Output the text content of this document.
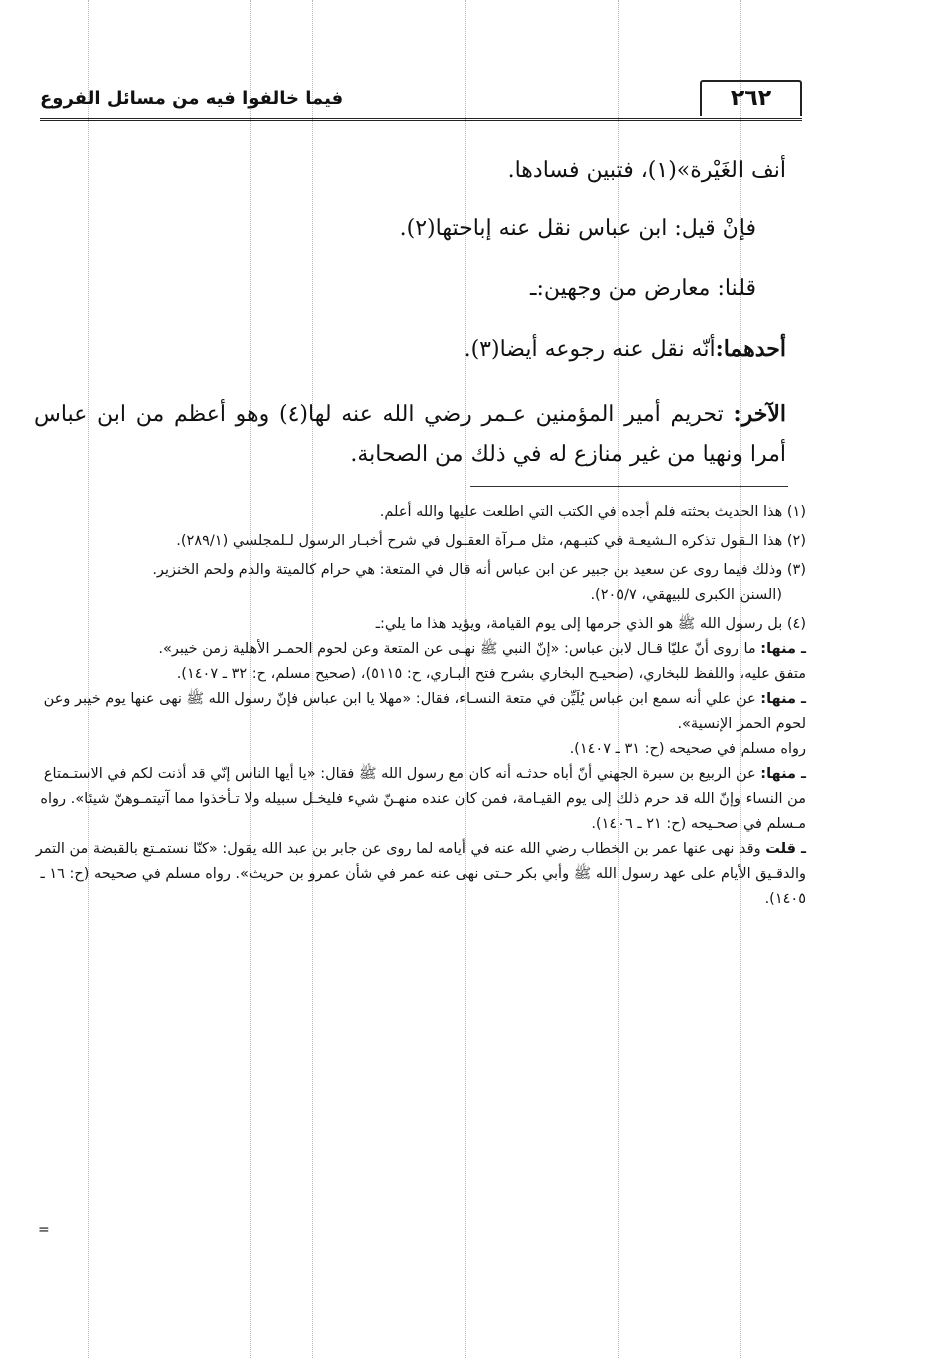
٢٦٢
فيما خالفوا فيه من مسائل الفروع

أنف الغَيْرة»(١)، فتبين فسادها.

فإنْ قيل: ابن عباس نقل عنه إباحتها(٢).

قلنا: معارض من وجهين:ـ

أحدهما:أنّه نقل عنه رجوعه أيضا(٣).

الآخر: تحريم أمير المؤمنين عـمر رضي الله عنه لها(٤) وهو أعظم من ابن عباس أمرا ونهيا من غير منازع له في ذلك من الصحابة.

(١) هذا الحديث بحثته فلم أجده في الكتب التي اطلعت عليها والله أعلم.
(٢) هذا الـقول تذكره الـشيعـة في كتبـهم، مثل مـرآة العقـول في شرح أخبـار الرسول لـلمجلسي (٢٨٩/١).
(٣) وذلك فيما روى عن سعيد بن جبير عن ابن عباس أنه قال في المتعة: هي حرام كالميتة والدم ولحم الخنزير.
(السنن الكبرى للبيهقي، ٢٠٥/٧).
(٤) بل رسول الله ﷺ هو الذي حرمها إلى يوم القيامة، ويؤيد هذا ما يلي:ـ
ـ منها: ما روى أنّ عليّا قـال لابن عباس: «إنّ النبي ﷺ نهـى عن المتعة وعن لحوم الحمـر الأهلية زمن خيبر».
متفق عليه، واللفظ للبخاري، (صحيـح البخاري بشرح فتح البـاري، ح: ٥١١٥)، (صحيح مسلم، ح: ٣٢ ـ ١٤٠٧).
ـ منها: عن علي أنه سمع ابن عباس يُلَيِّن في متعة النسـاء، فقال: «مهلا يا ابن عباس فإنّ رسول الله ﷺ نهى عنها يوم خيبر وعن لحوم الحمر الإنسية».
رواه مسلم في صحيحه (ح: ٣١ ـ ١٤٠٧).
ـ منها: عن الربيع بن سبرة الجهني أنّ أباه حدثـه أنه كان مع رسول الله ﷺ فقال: «يا أيها الناس إنّي قد أذنت لكم في الاستـمتاع من النساء وإنّ الله قد حرم ذلك إلى يوم القيـامة، فمن كان عنده منهـنّ شيء فليخـل سبيله ولا تـأخذوا مما آتيتمـوهنّ شيئا». رواه مـسلم في صحـيحه (ح: ٢١ ـ ١٤٠٦).
ـ قلت وقد نهى عنها عمر بن الخطاب رضي الله عنه في أيامه لما روى عن جابر بن عبد الله يقول: «كنّا نستمـتع بالقبضة من التمر والدقـيق الأيام على عهد رسول الله ﷺ وأبي بكر حـتى نهى عنه عمر في شأن عمرو بن حريث». رواه مسلم في صحيحه (ح: ١٦ ـ ١٤٠٥).
=
